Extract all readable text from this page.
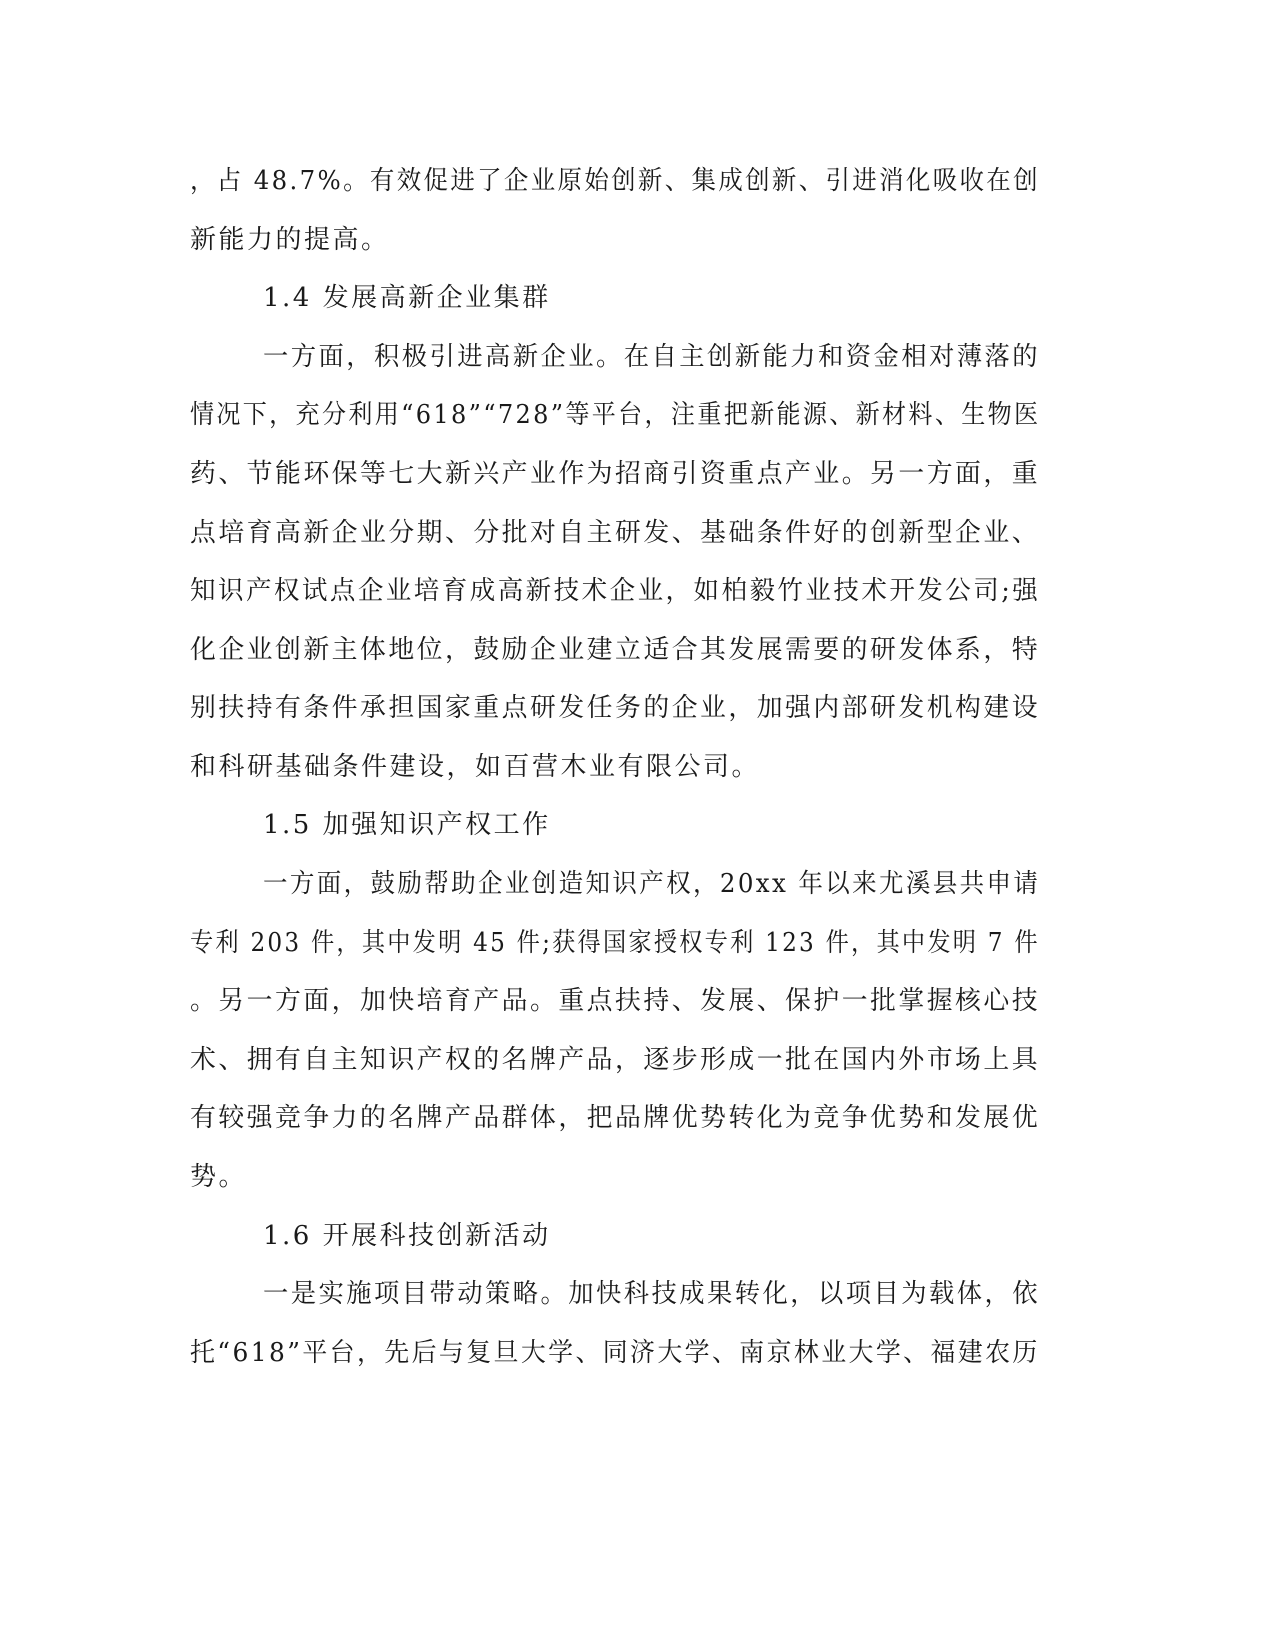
，占 48.7%。有效促进了企业原始创新、集成创新、引进消化吸收在创
新能力的提高。
1.4 发展高新企业集群
一方面，积极引进高新企业。在自主创新能力和资金相对薄落的
情况下，充分利用“618”“728”等平台，注重把新能源、新材料、生物医
药、节能环保等七大新兴产业作为招商引资重点产业。另一方面，重
点培育高新企业分期、分批对自主研发、基础条件好的创新型企业、
知识产权试点企业培育成高新技术企业，如柏毅竹业技术开发公司;强
化企业创新主体地位，鼓励企业建立适合其发展需要的研发体系，特
别扶持有条件承担国家重点研发任务的企业，加强内部研发机构建设
和科研基础条件建设，如百营木业有限公司。
1.5 加强知识产权工作
一方面，鼓励帮助企业创造知识产权，20xx 年以来尤溪县共申请
专利 203 件，其中发明 45 件;获得国家授权专利 123 件，其中发明 7 件
。另一方面，加快培育产品。重点扶持、发展、保护一批掌握核心技
术、拥有自主知识产权的名牌产品，逐步形成一批在国内外市场上具
有较强竞争力的名牌产品群体，把品牌优势转化为竞争优势和发展优
势。
1.6 开展科技创新活动
一是实施项目带动策略。加快科技成果转化，以项目为载体，依
托“618”平台，先后与复旦大学、同济大学、南京林业大学、福建农历
